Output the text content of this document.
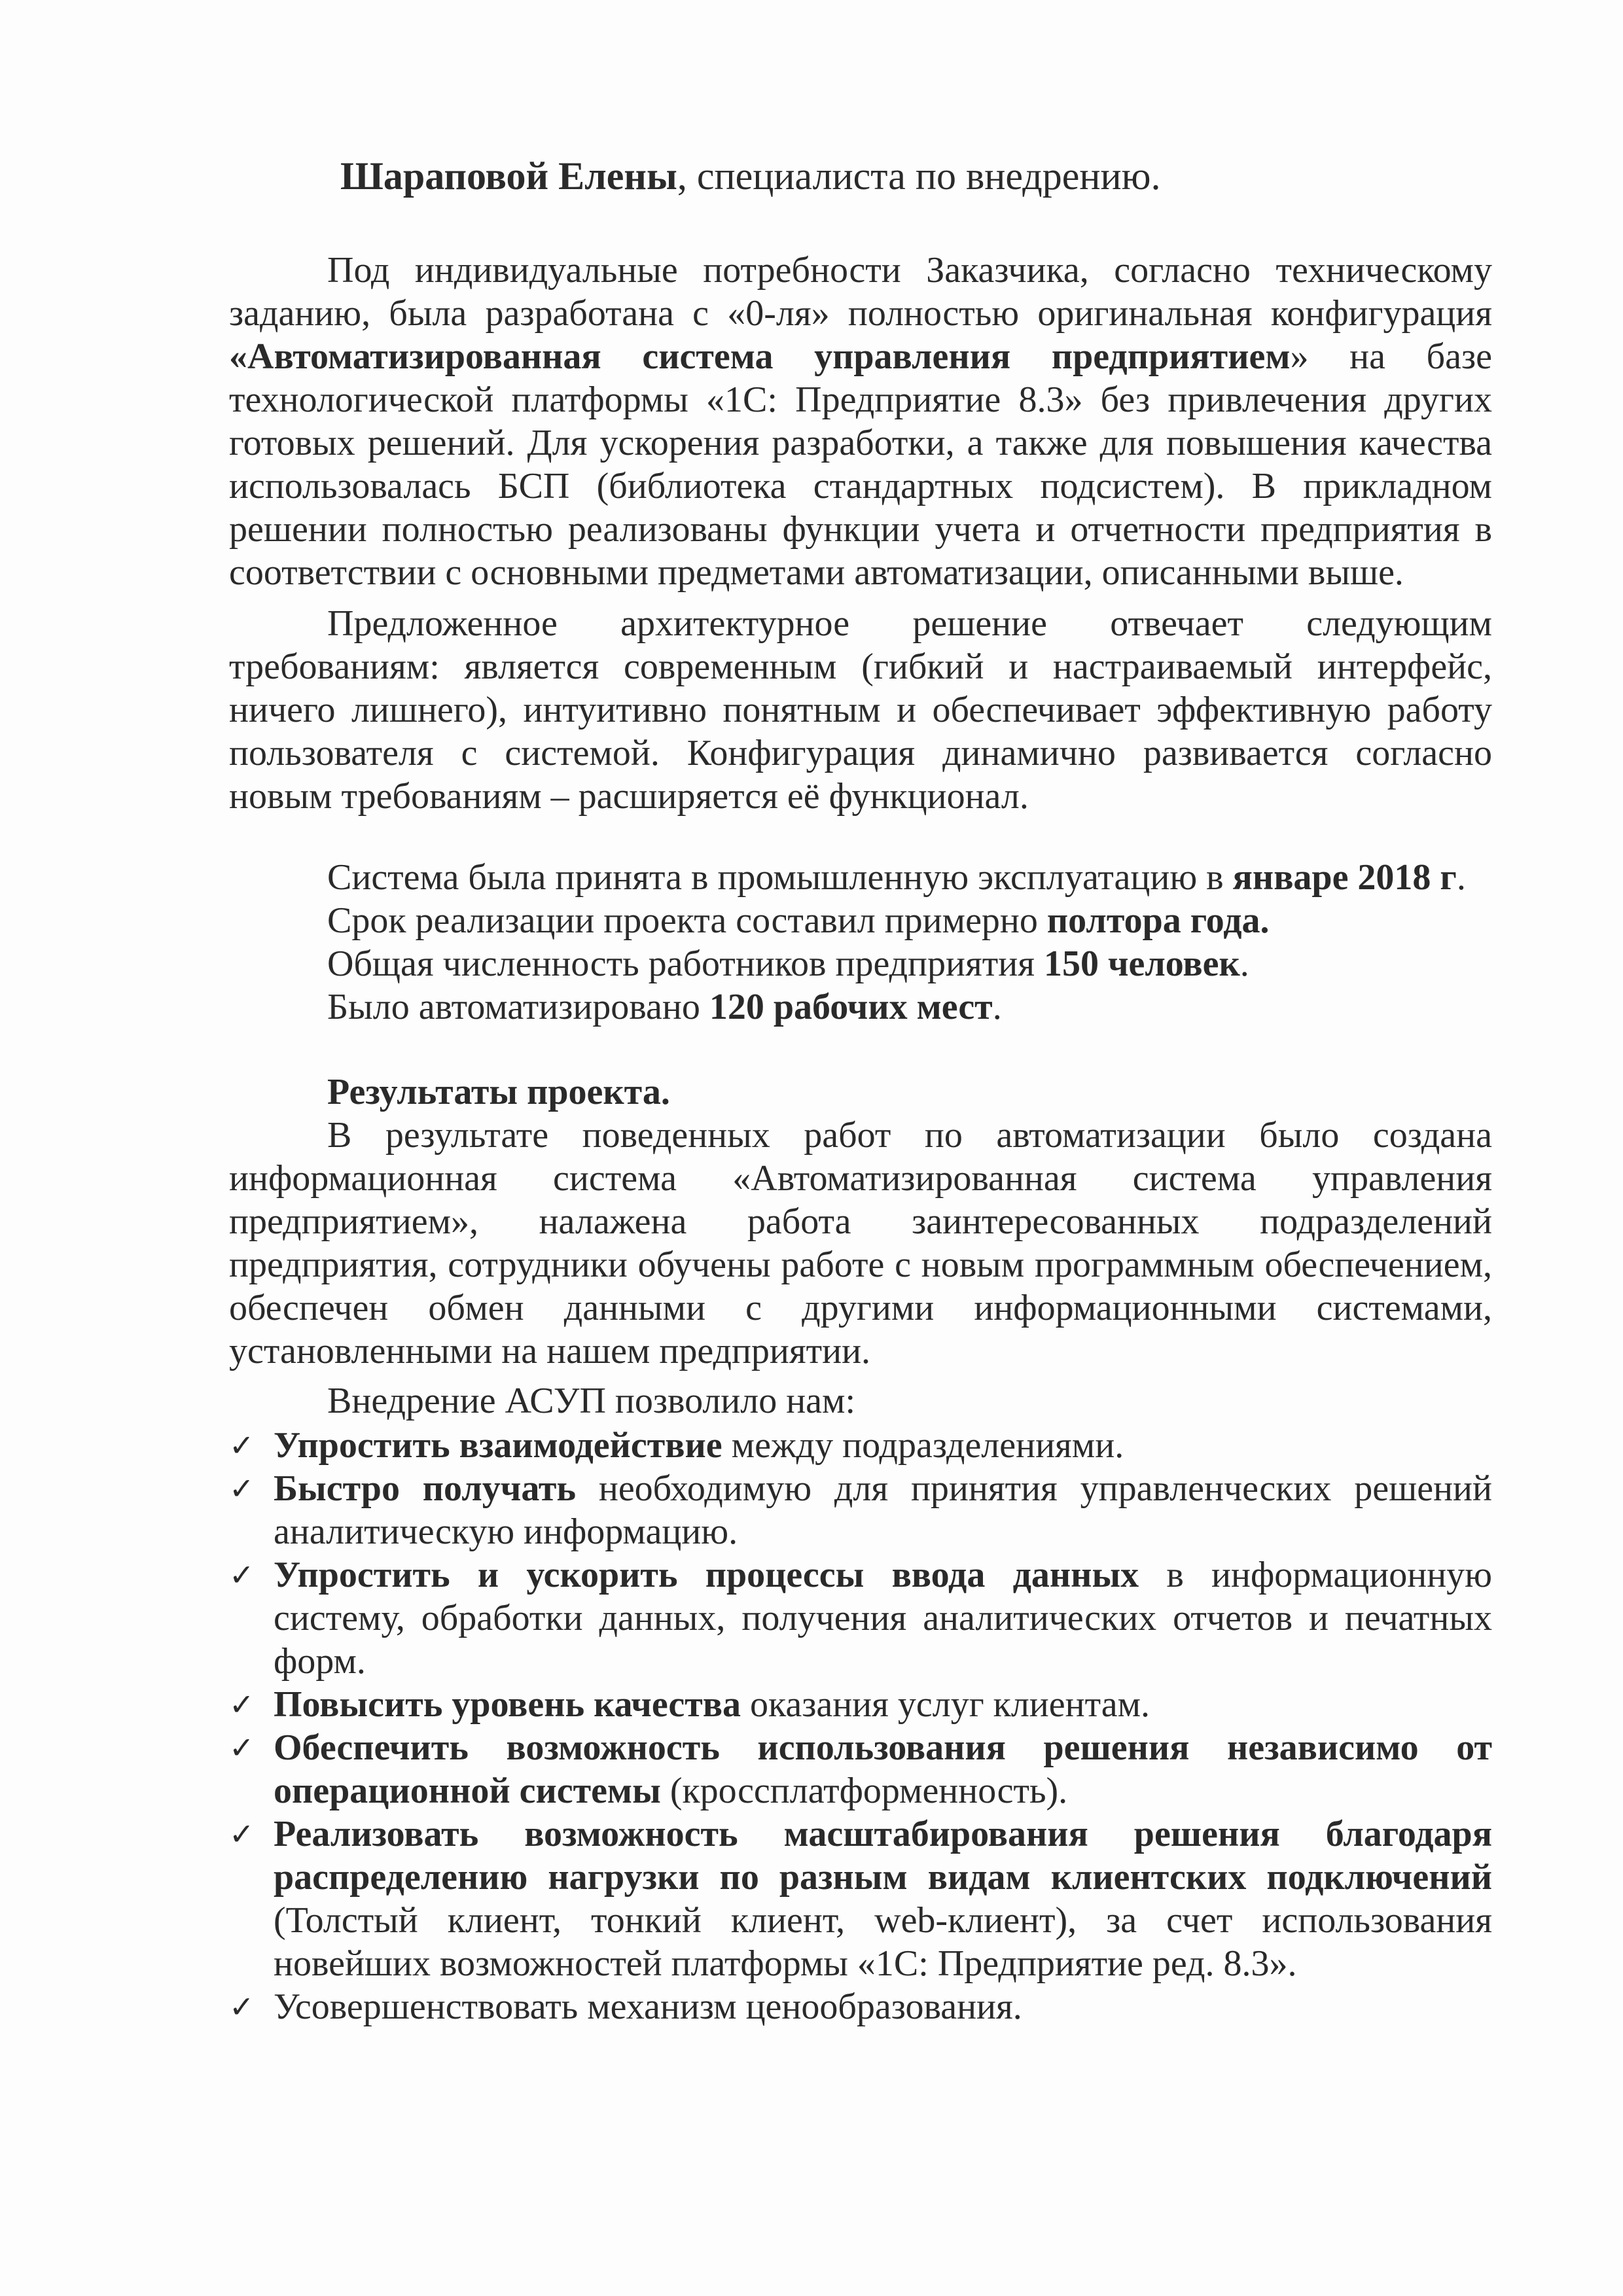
Шараповой Елены, специалиста по внедрению.
Под индивидуальные потребности Заказчика, согласно техническому заданию, была разработана с «0-ля» полностью оригинальная конфигурация «Автоматизированная система управления предприятием» на базе технологической платформы «1С: Предприятие 8.3» без привлечения других готовых решений. Для ускорения разработки, а также для повышения качества использовалась БСП (библиотека стандартных подсистем). В прикладном решении полностью реализованы функции учета и отчетности предприятия в соответствии с основными предметами автоматизации, описанными выше.
Предложенное архитектурное решение отвечает следующим требованиям: является современным (гибкий и настраиваемый интерфейс, ничего лишнего), интуитивно понятным и обеспечивает эффективную работу пользователя с системой. Конфигурация динамично развивается согласно новым требованиям – расширяется её функционал.
Система была принята в промышленную эксплуатацию в январе 2018 г.
Срок реализации проекта составил примерно полтора года.
Общая численность работников предприятия 150 человек.
Было автоматизировано 120 рабочих мест.
Результаты проекта.
В результате поведенных работ по автоматизации было создана информационная система «Автоматизированная система управления предприятием», налажена работа заинтересованных подразделений предприятия, сотрудники обучены работе с новым программным обеспечением, обеспечен обмен данными с другими информационными системами, установленными на нашем предприятии.
Внедрение АСУП позволило нам:
✓ Упростить взаимодействие между подразделениями.
✓ Быстро получать необходимую для принятия управленческих решений аналитическую информацию.
✓ Упростить и ускорить процессы ввода данных в информационную систему, обработки данных, получения аналитических отчетов и печатных форм.
✓ Повысить уровень качества оказания услуг клиентам.
✓ Обеспечить возможность использования решения независимо от операционной системы (кроссплатформенность).
✓ Реализовать возможность масштабирования решения благодаря распределению нагрузки по разным видам клиентских подключений (Толстый клиент, тонкий клиент, web-клиент), за счет использования новейших возможностей платформы «1С: Предприятие ред. 8.3».
✓ Усовершенствовать механизм ценообразования.
